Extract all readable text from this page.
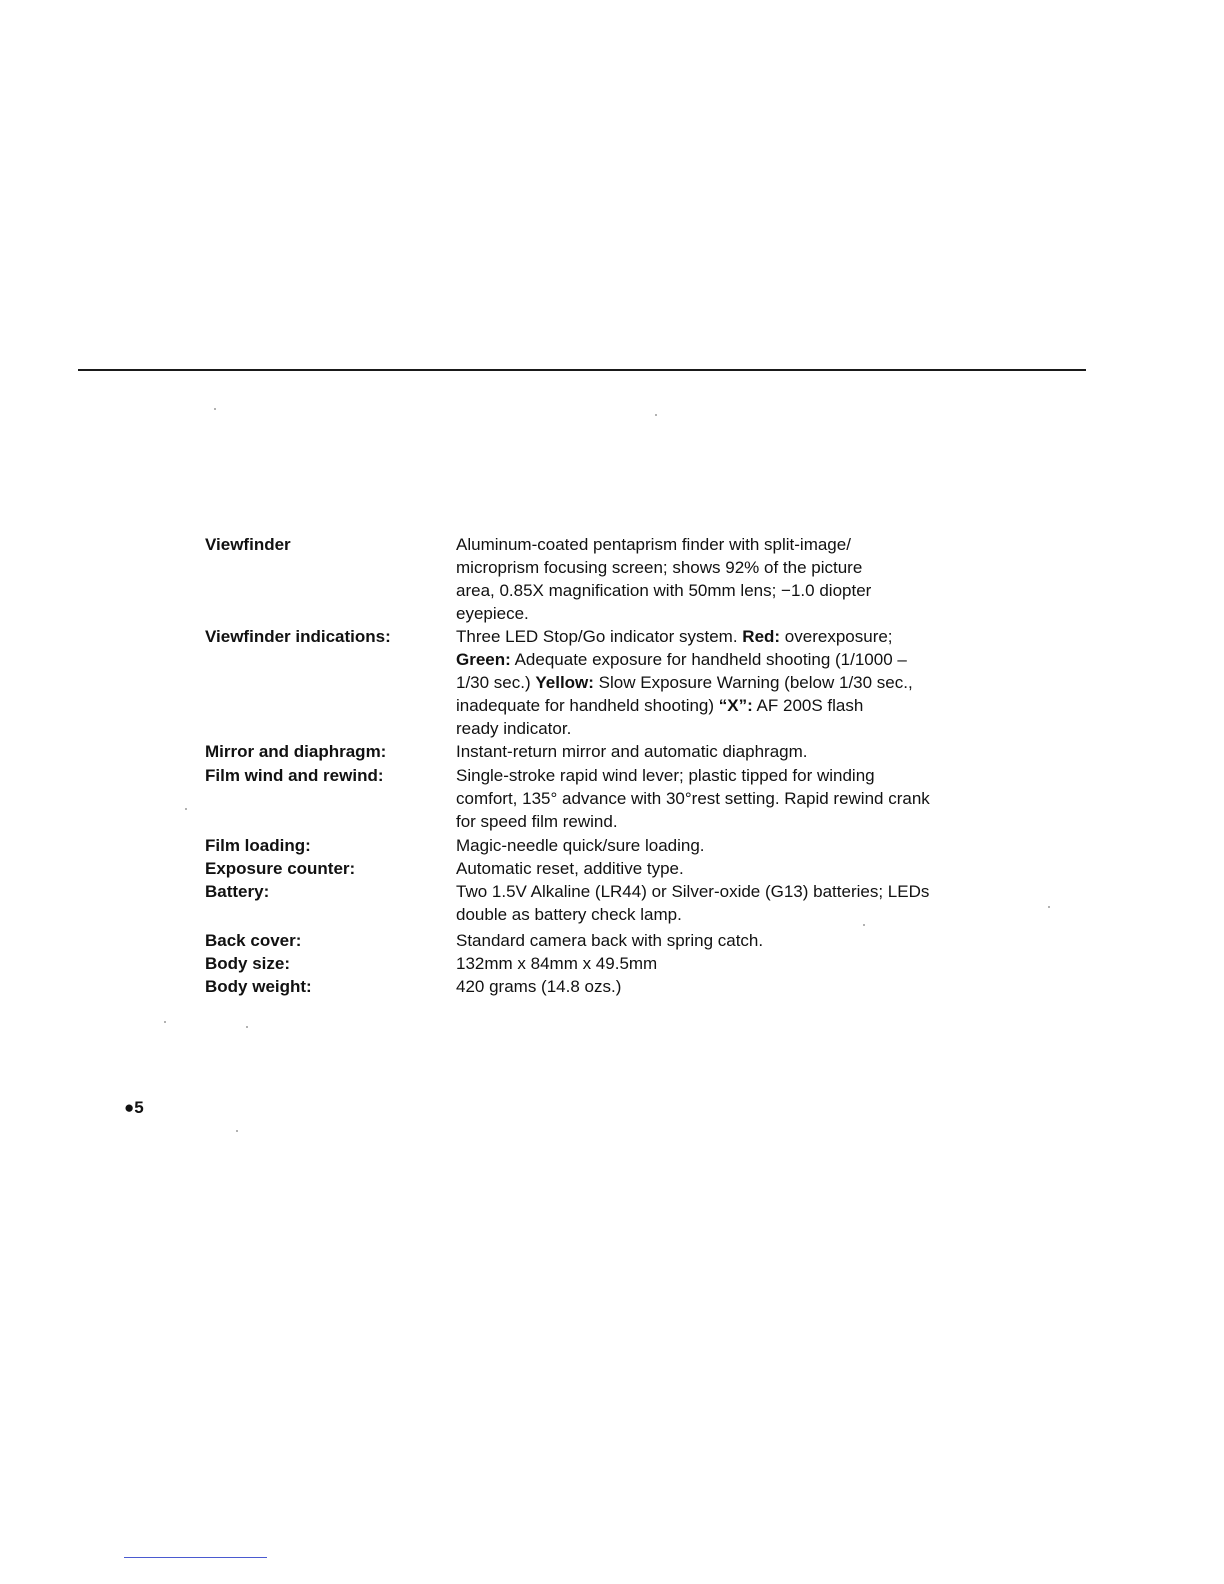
Viewfinder	Aluminum-coated pentaprism finder with split-image/
microprism focusing screen; shows 92% of the picture
area, 0.85X magnification with 50mm lens; −1.0 diopter
eyepiece.
Viewfinder indications:	Three LED Stop/Go indicator system. Red: overexposure;
Green: Adequate exposure for handheld shooting (1/1000 –
1/30 sec.) Yellow: Slow Exposure Warning (below 1/30 sec.,
inadequate for handheld shooting) “X”: AF 200S flash
ready indicator.
Mirror and diaphragm:	Instant-return mirror and automatic diaphragm.
Film wind and rewind:	Single-stroke rapid wind lever; plastic tipped for winding
comfort, 135° advance with 30°rest setting. Rapid rewind crank
for speed film rewind.
Film loading:	Magic-needle quick/sure loading.
Exposure counter:	Automatic reset, additive type.
Battery:	Two 1.5V Alkaline (LR44) or Silver-oxide (G13) batteries; LEDs
double as battery check lamp.
Back cover:	Standard camera back with spring catch.
Body size:	132mm x 84mm x 49.5mm
Body weight:	420 grams (14.8 ozs.)
●5
